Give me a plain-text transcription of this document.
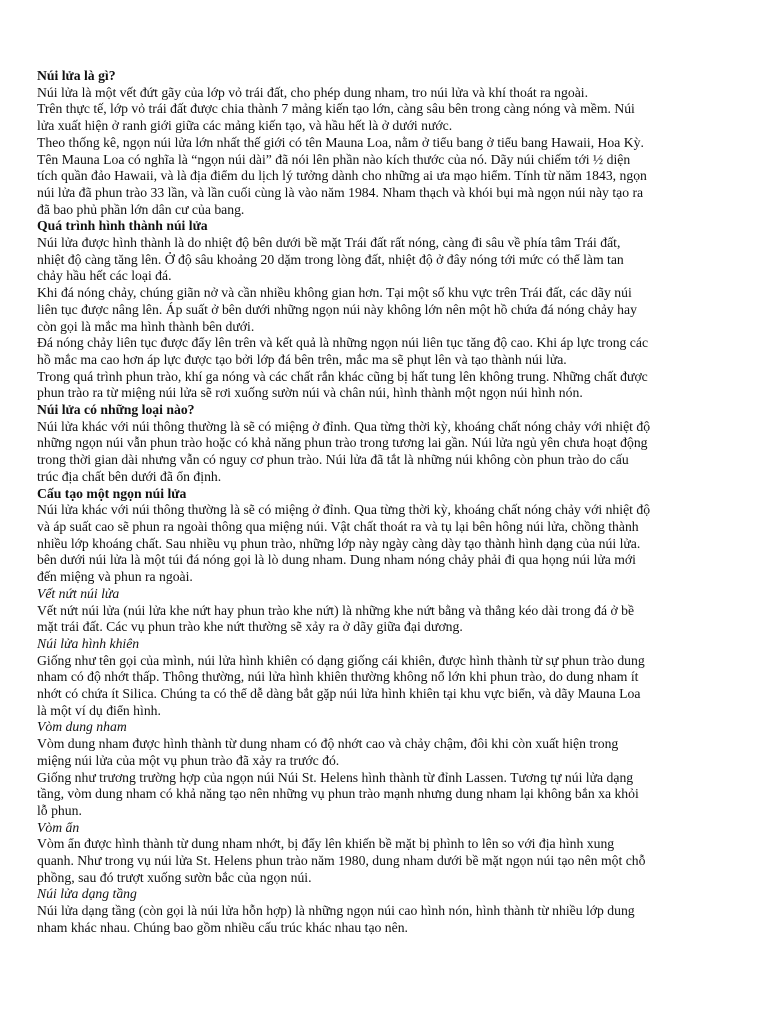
Núi lửa là gì?
Núi lửa là một vết đứt gãy của lớp vỏ trái đất, cho phép dung nham, tro núi lửa và khí thoát ra ngoài.
Trên thực tế, lớp vỏ trái đất được chia thành 7 mảng kiến tạo lớn, càng sâu bên trong càng nóng và mềm. Núi
lửa xuất hiện ở ranh giới giữa các mảng kiến tạo, và hầu hết là ở dưới nước.
Theo thống kê, ngọn núi lửa lớn nhất thế giới có tên Mauna Loa, nằm ở tiểu bang ở tiểu bang Hawaii, Hoa Kỳ.
Tên Mauna Loa có nghĩa là “ngọn núi dài” đã nói lên phần nào kích thước của nó. Dãy núi chiếm tới ½ diện
tích quần đảo Hawaii, và là địa điểm du lịch lý tưởng dành cho những ai ưa mạo hiểm. Tính từ năm 1843, ngọn
núi lửa đã phun trào 33 lần, và lần cuối cùng là vào năm 1984. Nham thạch và khói bụi mà ngọn núi này tạo ra
đã bao phủ phần lớn dân cư của bang.
Quá trình hình thành núi lửa
Núi lửa được hình thành là do nhiệt độ bên dưới bề mặt Trái đất rất nóng, càng đi sâu về phía tâm Trái đất,
nhiệt độ càng tăng lên. Ở độ sâu khoảng 20 dặm trong lòng đất, nhiệt độ ở đây nóng tới mức có thể làm tan
chảy hầu hết các loại đá.
Khi đá nóng chảy, chúng giãn nở và cần nhiều không gian hơn. Tại một số khu vực trên Trái đất, các dãy núi
liên tục được nâng lên. Áp suất ở bên dưới những ngọn núi này không lớn nên một hồ chứa đá nóng chảy hay
còn gọi là mắc ma hình thành bên dưới.
Đá nóng chảy liên tục được đẩy lên trên và kết quả là những ngọn núi liên tục tăng độ cao. Khi áp lực trong các
hồ mắc ma cao hơn áp lực được tạo bởi lớp đá bên trên, mắc ma sẽ phụt lên và tạo thành núi lửa.
Trong quá trình phun trào, khí ga nóng và các chất rắn khác cũng bị hất tung lên không trung. Những chất được
phun trào ra từ miệng núi lửa sẽ rơi xuống sườn núi và chân núi, hình thành một ngọn núi hình nón.
Núi lửa có những loại nào?
Núi lửa khác với núi thông thường là sẽ có miệng ở đỉnh. Qua từng thời kỳ, khoáng chất nóng chảy với nhiệt độ
những ngọn núi vẫn phun trào hoặc có khả năng phun trào trong tương lai gần. Núi lửa ngủ yên chưa hoạt động
trong thời gian dài nhưng vẫn có nguy cơ phun trào. Núi lửa đã tắt là những núi không còn phun trào do cấu
trúc địa chất bên dưới đã ổn định.
Cấu tạo một ngọn núi lửa
Núi lửa khác với núi thông thường là sẽ có miệng ở đỉnh. Qua từng thời kỳ, khoáng chất nóng chảy với nhiệt độ
và áp suất cao sẽ phun ra ngoài thông qua miệng núi. Vật chất thoát ra và tụ lại bên hông núi lửa, chồng thành
nhiều lớp khoáng chất. Sau nhiều vụ phun trào, những lớp này ngày càng dày tạo thành hình dạng của núi lửa.
bên dưới núi lửa là một túi đá nóng gọi là lò dung nham. Dung nham nóng chảy phải đi qua họng núi lửa mới
đến miệng và phun ra ngoài.
Vết nứt núi lửa
Vết nứt núi lửa (núi lửa khe nứt hay phun trào khe nứt) là những khe nứt bằng và thẳng kéo dài trong đá ở bề
mặt trái đất. Các vụ phun trào khe nứt thường sẽ xảy ra ở dãy giữa đại dương.
Núi lửa hình khiên
Giống như tên gọi của mình, núi lửa hình khiên có dạng giống cái khiên, được hình thành từ sự phun trào dung
nham có độ nhớt thấp. Thông thường, núi lửa hình khiên thường không nổ lớn khi phun trào, do dung nham ít
nhớt có chứa ít Silica. Chúng ta có thể dễ dàng bắt gặp núi lửa hình khiên tại khu vực biển, và dãy Mauna Loa
là một ví dụ điển hình.
Vòm dung nham
Vòm dung nham được hình thành từ dung nham có độ nhớt cao và chảy chậm, đôi khi còn xuất hiện trong
miệng núi lửa của một vụ phun trào đã xảy ra trước đó.
Giống như trương trường hợp của ngọn núi Núi St. Helens hình thành từ đỉnh Lassen. Tương tự núi lửa dạng
tầng, vòm dung nham có khả năng tạo nên những vụ phun trào mạnh nhưng dung nham lại không bắn xa khỏi
lỗ phun.
Vòm ẩn
Vòm ẩn được hình thành từ dung nham nhớt, bị đẩy lên khiến bề mặt bị phình to lên so với địa hình xung
quanh. Như trong vụ núi lửa St. Helens phun trào năm 1980, dung nham dưới bề mặt ngọn núi tạo nên một chỗ
phồng, sau đó trượt xuống sườn bắc của ngọn núi.
Núi lửa dạng tầng
Núi lửa dạng tầng (còn gọi là núi lửa hỗn hợp) là những ngọn núi cao hình nón, hình thành từ nhiều lớp dung
nham khác nhau. Chúng bao gồm nhiều cấu trúc khác nhau tạo nên.
